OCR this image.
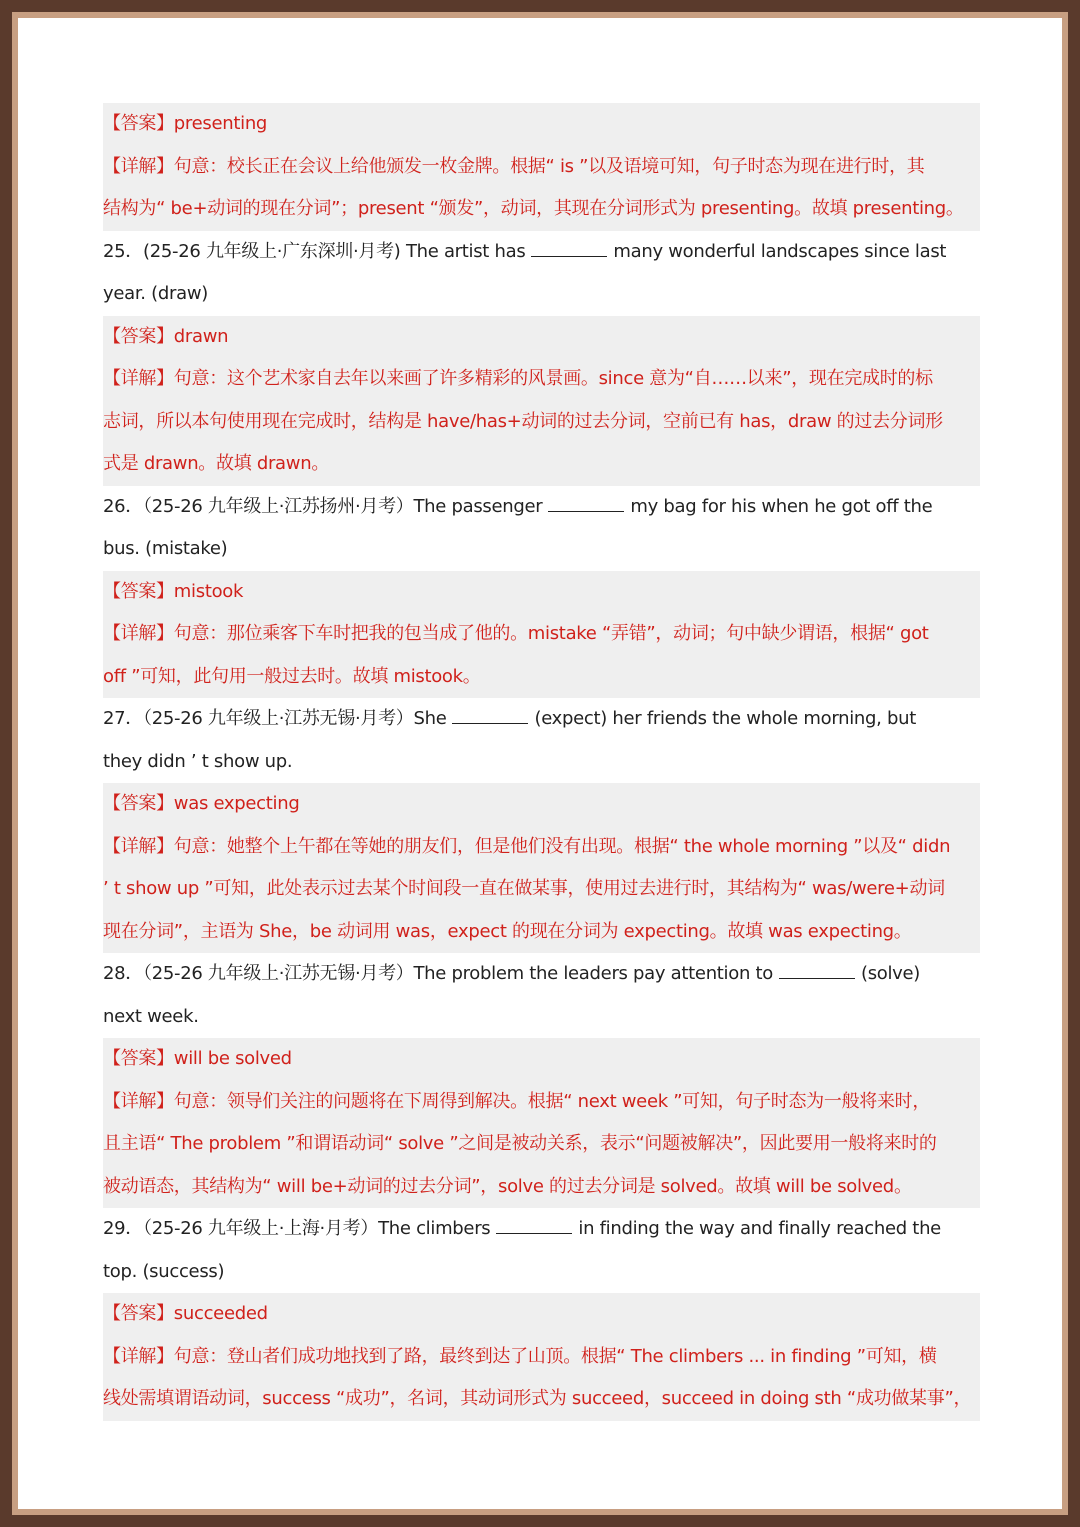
【答案】presenting
【详解】句意：校长正在会议上给他颁发一枚金牌。根据“ is ”以及语境可知，句子时态为现在进行时，其
结构为“ be+动词的现在分词”；present “颁发”，动词，其现在分词形式为 presenting。故填 presenting。
25．(25-26 九年级上·广东深圳·月考) The artist has	many wonderful landscapes since last
year. (draw)
【答案】drawn
【详解】句意：这个艺术家自去年以来画了许多精彩的风景画。since 意为“自……以来”，现在完成时的标
志词，所以本句使用现在完成时，结构是 have/has+动词的过去分词，空前已有 has，draw 的过去分词形
式是 drawn。故填 drawn。
26．（25-26 九年级上·江苏扬州·月考）The passenger	my bag for his when he got off the
bus. (mistake)
【答案】mistook
【详解】句意：那位乘客下车时把我的包当成了他的。mistake “弄错”，动词；句中缺少谓语，根据“ got
off ”可知，此句用一般过去时。故填 mistook。
27．（25-26 九年级上·江苏无锡·月考）She	(expect) her friends the whole morning, but
they didn ’ t show up.
【答案】was expecting
【详解】句意：她整个上午都在等她的朋友们，但是他们没有出现。根据“ the whole morning ”以及“ didn
’ t show up ”可知，此处表示过去某个时间段一直在做某事，使用过去进行时，其结构为“ was/were+动词
现在分词”，主语为 She，be 动词用 was，expect 的现在分词为 expecting。故填 was expecting。
28．（25-26 九年级上·江苏无锡·月考）The problem the leaders pay attention to	(solve)
next week.
【答案】will be solved
【详解】句意：领导们关注的问题将在下周得到解决。根据“ next week ”可知，句子时态为一般将来时，
且主语“ The problem ”和谓语动词“ solve ”之间是被动关系，表示“问题被解决”，因此要用一般将来时的
被动语态，其结构为“ will be+动词的过去分词”，solve 的过去分词是 solved。故填 will be solved。
29．（25-26 九年级上·上海·月考）The climbers	in finding the way and finally reached the
top. (success)
【答案】succeeded
【详解】句意：登山者们成功地找到了路，最终到达了山顶。根据“ The climbers ... in finding ”可知，横
线处需填谓语动词，success “成功”，名词，其动词形式为 succeed，succeed in doing sth “成功做某事”，
